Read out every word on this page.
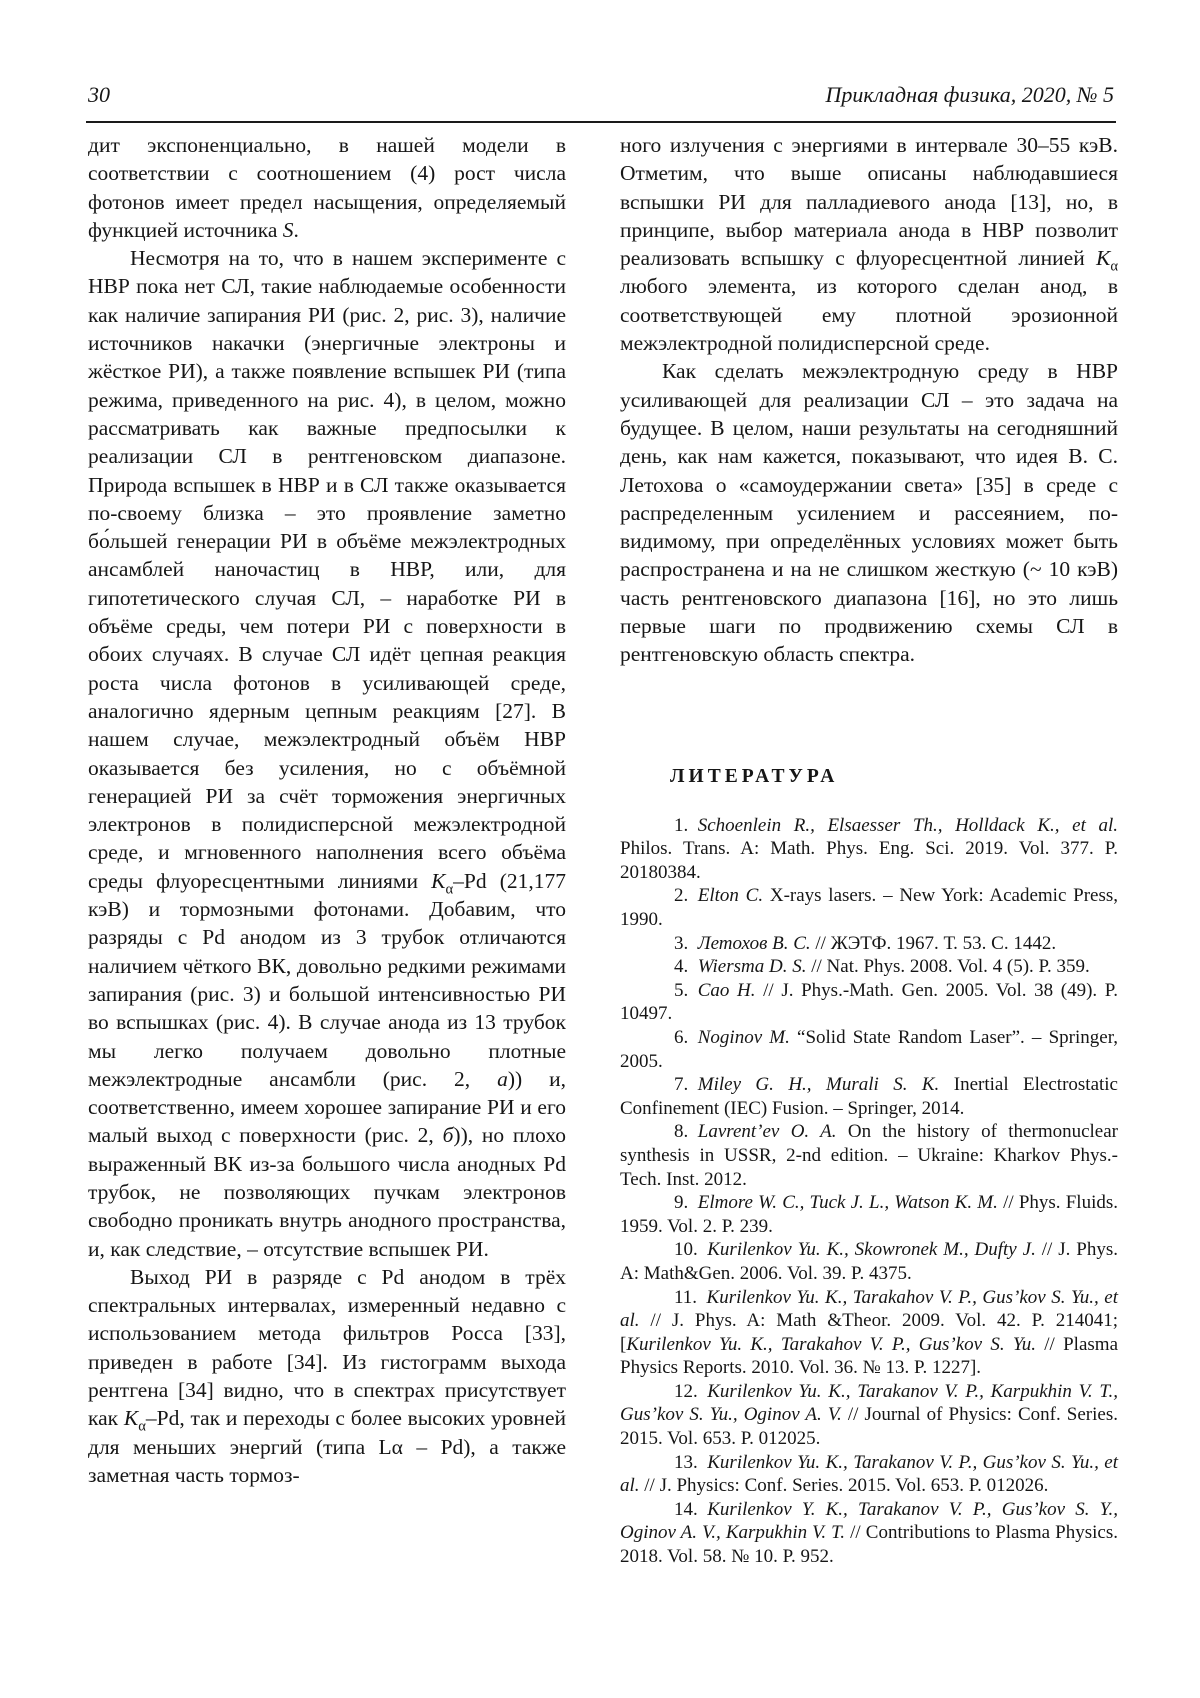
30	Прикладная физика, 2020, № 5

дит экспоненциально, в нашей модели в соответствии с соотношением (4) рост числа фотонов имеет предел насыщения, определяемый функцией источника S.

Несмотря на то, что в нашем эксперименте с НВР пока нет СЛ, такие наблюдаемые особенности как наличие запирания РИ (рис. 2, рис. 3), наличие источников накачки (энергичные электроны и жёсткое РИ), а также появление вспышек РИ (типа режима, приведенного на рис. 4), в целом, можно рассматривать как важные предпосылки к реализации СЛ в рентгеновском диапазоне. Природа вспышек в НВР и в СЛ также оказывается по-своему близка – это проявление заметно бо́льшей генерации РИ в объёме межэлектродных ансамблей наночастиц в НВР, или, для гипотетического случая СЛ, – наработке РИ в объёме среды, чем потери РИ с поверхности в обоих случаях. В случае СЛ идёт цепная реакция роста числа фотонов в усиливающей среде, аналогично ядерным цепным реакциям [27]. В нашем случае, межэлектродный объём НВР оказывается без усиления, но с объёмной генерацией РИ за счёт торможения энергичных электронов в полидисперсной межэлектродной среде, и мгновенного наполнения всего объёма среды флуоресцентными линиями $K_\alpha-Pd$ (21,177 кэВ) и тормозными фотонами. Добавим, что разряды с Pd анодом из 3 трубок отличаются наличием чёткого ВК, довольно редкими режимами запирания (рис. 3) и большой интенсивностью РИ во вспышках (рис. 4). В случае анода из 13 трубок мы легко получаем довольно плотные межэлектродные ансамбли (рис. 2, а)) и, соответственно, имеем хорошее запирание РИ и его малый выход с поверхности (рис. 2, б)), но плохо выраженный ВК из-за большого числа анодных Pd трубок, не позволяющих пучкам электронов свободно проникать внутрь анодного пространства, и, как следствие, – отсутствие вспышек РИ.

Выход РИ в разряде с Pd анодом в трёх спектральных интервалах, измеренный недавно с использованием метода фильтров Росса [33], приведен в работе [34]. Из гистограмм выхода рентгена [34] видно, что в спектрах присутствует как $K_\alpha-Pd$, так и переходы с более высоких уровней для меньших энергий (типа Lα – Pd), а также заметная часть тормоз-

ного излучения с энергиями в интервале 30–55 кэВ. Отметим, что выше описаны наблюдавшиеся вспышки РИ для палладиевого анода [13], но, в принципе, выбор материала анода в НВР позволит реализовать вспышку с флуоресцентной линией $K_\alpha$ любого элемента, из которого сделан анод, в соответствующей ему плотной эрозионной межэлектродной полидисперсной среде.

Как сделать межэлектродную среду в НВР усиливающей для реализации СЛ – это задача на будущее. В целом, наши результаты на сегодняшний день, как нам кажется, показывают, что идея В. С. Летохова о «самоудержании света» [35] в среде с распределенным усилением и рассеянием, по-видимому, при определённых условиях может быть распространена и на не слишком жесткую (~ 10 кэВ) часть рентгеновского диапазона [16], но это лишь первые шаги по продвижению схемы СЛ в рентгеновскую область спектра.

ЛИТЕРАТУРА

1. Schoenlein R., Elsaesser Th., Holldack K., et al. Philos. Trans. A: Math. Phys. Eng. Sci. 2019. Vol. 377. P. 20180384.

2. Elton C. X-rays lasers. – New York: Academic Press, 1990.

3. Летохов В. С. // ЖЭТФ. 1967. Т. 53. С. 1442.

4. Wiersma D. S. // Nat. Phys. 2008. Vol. 4 (5). P. 359.

5. Cao H. // J. Phys.-Math. Gen. 2005. Vol. 38 (49). P. 10497.

6. Noginov M. “Solid State Random Laser”. – Springer, 2005.

7. Miley G. H., Murali S. K. Inertial Electrostatic Confinement (IEC) Fusion. – Springer, 2014.

8. Lavrent’ev O. A. On the history of thermonuclear synthesis in USSR, 2-nd edition. – Ukraine: Kharkov Phys.-Tech. Inst. 2012.

9. Elmore W. C., Tuck J. L., Watson K. M. // Phys. Fluids. 1959. Vol. 2. P. 239.

10. Kurilenkov Yu. K., Skowronek M., Dufty J. // J. Phys. A: Math&Gen. 2006. Vol. 39. P. 4375.

11. Kurilenkov Yu. K., Tarakahov V. P., Gus’kov S. Yu., et al. // J. Phys. A: Math &Theor. 2009. Vol. 42. P. 214041; [Kurilenkov Yu. K., Tarakahov V. P., Gus’kov S. Yu. // Plasma Physics Reports. 2010. Vol. 36. № 13. P. 1227].

12. Kurilenkov Yu. K., Tarakanov V. P., Karpukhin V. T., Gus’kov S. Yu., Oginov A. V. // Journal of Physics: Conf. Series. 2015. Vol. 653. P. 012025.

13. Kurilenkov Yu. K., Tarakanov V. P., Gus’kov S. Yu., et al. // J. Physics: Conf. Series. 2015. Vol. 653. P. 012026.

14. Kurilenkov Y. K., Tarakanov V. P., Gus’kov S. Y., Oginov A. V., Karpukhin V. T. // Contributions to Plasma Physics. 2018. Vol. 58. № 10. P. 952.
